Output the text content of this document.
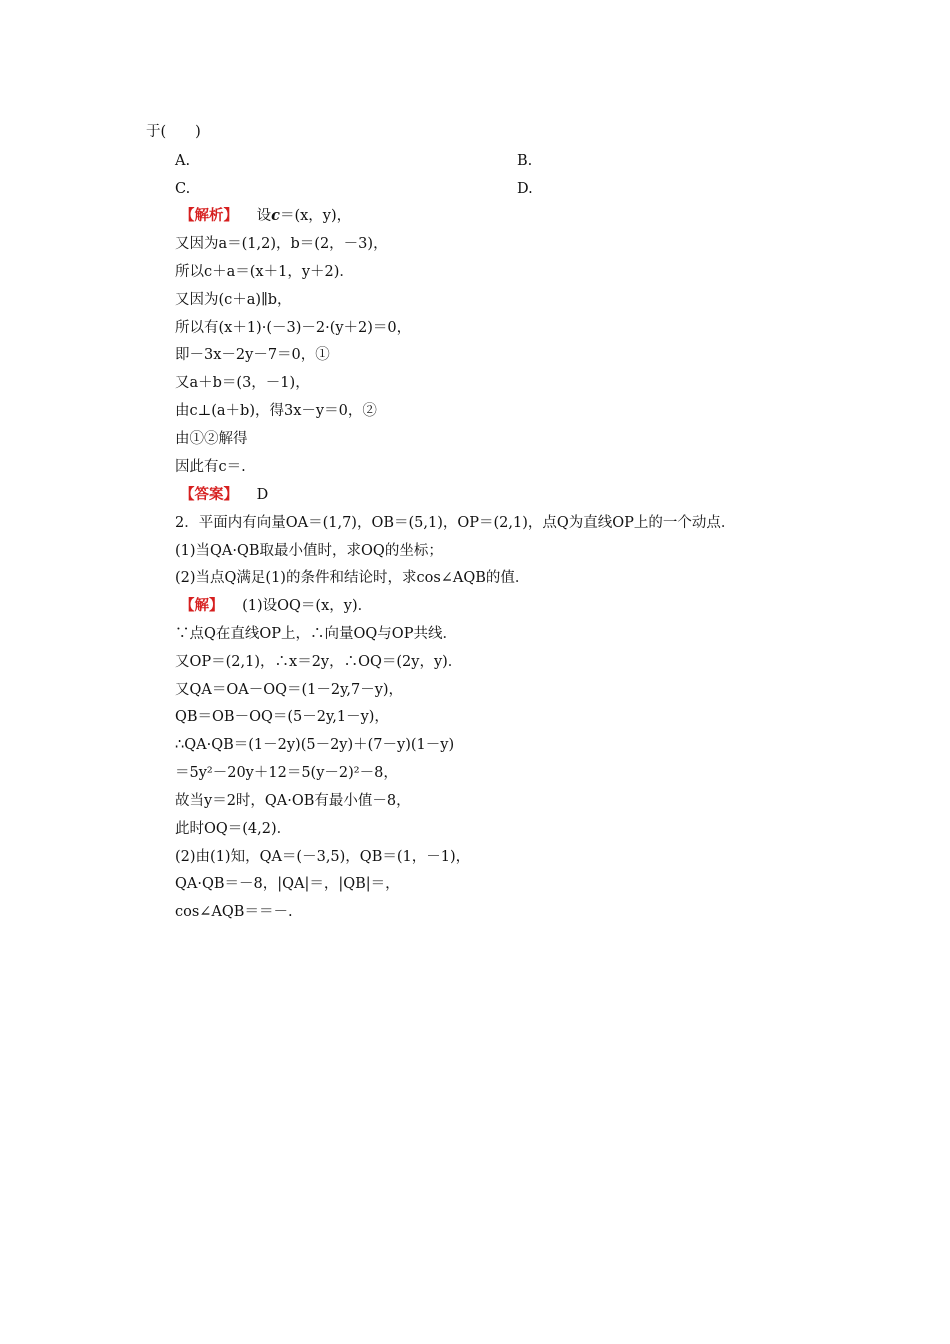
于(　　)
A.	B.
C.	D.
【解析】 设c＝(x，y)，
又因为a＝(1,2)，b＝(2，－3)，
所以c＋a＝(x＋1，y＋2)．
又因为(c＋a)∥b，
所以有(x＋1)·(－3)－2·(y＋2)＝0，
即－3x－2y－7＝0，①
又a＋b＝(3，－1)，
由c⊥(a＋b)，得3x－y＝0，②
由①②解得
因此有c＝.
【答案】 D
2．平面内有向量OA＝(1,7)，OB＝(5,1)，OP＝(2,1)，点Q为直线OP上的一个动点．
(1)当QA·QB取最小值时，求OQ的坐标；
(2)当点Q满足(1)的条件和结论时，求cos∠AQB的值．
【解】 (1)设OQ＝(x，y)．
∵点Q在直线OP上，∴向量OQ与OP共线．
又OP＝(2,1)，∴x＝2y，∴OQ＝(2y，y)．
又QA＝OA－OQ＝(1－2y,7－y)，
QB＝OB－OQ＝(5－2y,1－y)，
∴QA·QB＝(1－2y)(5－2y)＋(7－y)(1－y)
＝5y²－20y＋12＝5(y－2)²－8，
故当y＝2时，QA·OB有最小值－8，
此时OQ＝(4,2)．
(2)由(1)知，QA＝(－3,5)，QB＝(1，－1)，
QA·QB＝－8，|QA|＝，|QB|＝，
cos∠AQB＝＝－.
